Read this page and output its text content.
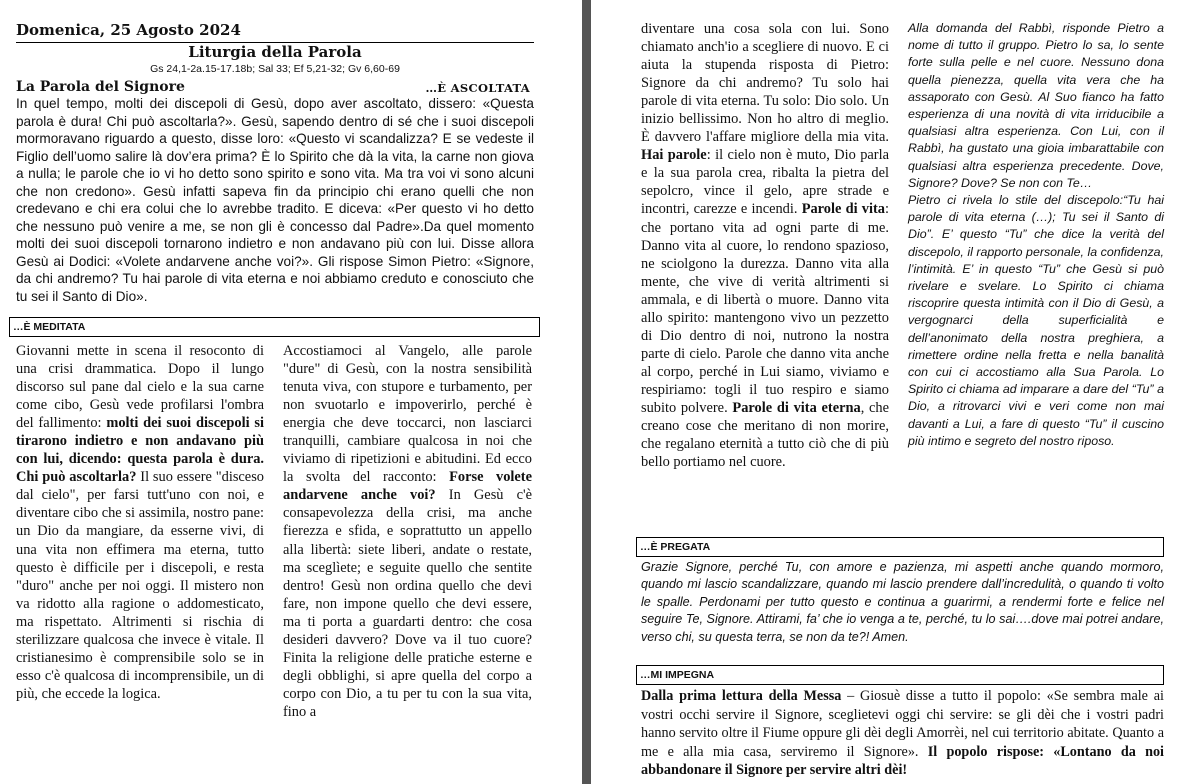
Domenica, 25 Agosto 2024
Liturgia della Parola
Gs 24,1-2a.15-17.18b; Sal 33; Ef 5,21-32; Gv 6,60-69
La Parola del Signore	…È ASCOLTATA

In quel tempo, molti dei discepoli di Gesù, dopo aver ascoltato, dissero: «Questa parola è dura! Chi può ascoltarla?». Gesù, sapendo dentro di sé che i suoi discepoli mormoravano riguardo a questo, disse loro: «Questo vi scandalizza? E se vedeste il Figlio dell’uomo salire là dov’era prima? È lo Spirito che dà la vita, la carne non giova a nulla; le parole che io vi ho detto sono spirito e sono vita. Ma tra voi vi sono alcuni che non credono». Gesù infatti sapeva fin da principio chi erano quelli che non credevano e chi era colui che lo avrebbe tradito. E diceva: «Per questo vi ho detto che nessuno può venire a me, se non gli è concesso dal Padre».Da quel momento molti dei suoi discepoli tornarono indietro e non andavano più con lui. Disse allora Gesù ai Dodici: «Volete andarvene anche voi?». Gli rispose Simon Pietro: «Signore, da chi andremo? Tu hai parole di vita eterna e noi abbiamo creduto e conosciuto che tu sei il Santo di Dio».

…È MEDITATA

Giovanni mette in scena il resoconto di una crisi drammatica. Dopo il lungo discorso sul pane dal cielo e la sua carne come cibo, Gesù vede profilarsi l'ombra del fallimento: molti dei suoi discepoli si tirarono indietro e non andavano più con lui, dicendo: questa parola è dura. Chi può ascoltarla? Il suo essere "disceso dal cielo", per farsi tutt'uno con noi, e diventare cibo che si assimila, nostro pane: un Dio da mangiare, da esserne vivi, di una vita non effimera ma eterna, tutto questo è difficile per i discepoli, e resta "duro" anche per noi oggi. Il mistero non va ridotto alla ragione o addomesticato, ma rispettato. Altrimenti si rischia di sterilizzare qualcosa che invece è vitale. Il cristianesimo è comprensibile solo se in esso c'è qualcosa di incomprensibile, un di più, che eccede la logica.

Accostiamoci al Vangelo, alle parole "dure" di Gesù, con la nostra sensibilità tenuta viva, con stupore e turbamento, per non svuotarlo e impoverirlo, perché è energia che deve toccarci, non lasciarci tranquilli, cambiare qualcosa in noi che viviamo di ripetizioni e abitudini. Ed ecco la svolta del racconto: Forse volete andarvene anche voi? In Gesù c'è consapevolezza della crisi, ma anche fierezza e sfida, e soprattutto un appello alla libertà: siete liberi, andate o restate, ma sceglìete; e seguite quello che sentite dentro! Gesù non ordina quello che devi fare, non impone quello che devi essere, ma ti porta a guardarti dentro: che cosa desideri davvero? Dove va il tuo cuore? Finita la religione delle pratiche esterne e degli obblighi, si apre quella del corpo a corpo con Dio, a tu per tu con la sua vita, fino a

diventare una cosa sola con lui. Sono chiamato anch'io a scegliere di nuovo. E ci aiuta la stupenda risposta di Pietro: Signore da chi andremo? Tu solo hai parole di vita eterna. Tu solo: Dio solo. Un inizio bellissimo. Non ho altro di meglio. È davvero l'affare migliore della mia vita. Hai parole: il cielo non è muto, Dio parla e la sua parola crea, ribalta la pietra del sepolcro, vince il gelo, apre strade e incontri, carezze e incendi. Parole di vita: che portano vita ad ogni parte di me. Danno vita al cuore, lo rendono spazioso, ne sciolgono la durezza. Danno vita alla mente, che vive di verità altrimenti si ammala, e di libertà o muore. Danno vita allo spirito: mantengono vivo un pezzetto di Dio dentro di noi, nutrono la nostra parte di cielo. Parole che danno vita anche al corpo, perché in Lui siamo, viviamo e respiriamo: togli il tuo respiro e siamo subito polvere. Parole di vita eterna, che creano cose che meritano di non morire, che regalano eternità a tutto ciò che di più bello portiamo nel cuore.

Alla domanda del Rabbì, risponde Pietro a nome di tutto il gruppo. Pietro lo sa, lo sente forte sulla pelle e nel cuore. Nessuno dona quella pienezza, quella vita vera che ha assaporato con Gesù. Al Suo fianco ha fatto esperienza di una novità di vita irriducibile a qualsiasi altra esperienza. Con Lui, con il Rabbì, ha gustato una gioia imbarattabile con qualsiasi altra esperienza precedente. Dove, Signore? Dove? Se non con Te…

Pietro ci rivela lo stile del discepolo:“Tu hai parole di vita eterna (…); Tu sei il Santo di Dio”. E’ questo “Tu” che dice la verità del discepolo, il rapporto personale, la confidenza, l’intimità. E’ in questo “Tu” che Gesù si può rivelare e svelare. Lo Spirito ci chiama riscoprire questa intimità con il Dio di Gesù, a vergognarci della superficialità e dell’anonimato della nostra preghiera, a rimettere ordine nella fretta e nella banalità con cui ci accostiamo alla Sua Parola. Lo Spirito ci chiama ad imparare a dare del “Tu” a Dio, a ritrovarci vivi e veri come non mai davanti a Lui, a fare di questo “Tu” il cuscino più intimo e segreto del nostro riposo.

…È PREGATA

Grazie Signore, perché Tu, con amore e pazienza, mi aspetti anche quando mormoro, quando mi lascio scandalizzare, quando mi lascio prendere dall’incredulità, o quando ti volto le spalle. Perdonami per tutto questo e continua a guarirmi, a rendermi forte e felice nel seguire Te, Signore. Attirami, fa’ che io venga a te, perché, tu lo sai….dove mai potrei andare, verso chi, su questa terra, se non da te?! Amen.

…MI IMPEGNA

Dalla prima lettura della Messa – Giosuè disse a tutto il popolo: «Se sembra male ai vostri occhi servire il Signore, sceglietevi oggi chi servire: se gli dèi che i vostri padri hanno servito oltre il Fiume oppure gli dèi degli Amorrèi, nel cui territorio abitate. Quanto a me e alla mia casa, serviremo il Signore». Il popolo rispose: «Lontano da noi abbandonare il Signore per servire altri dèi!
